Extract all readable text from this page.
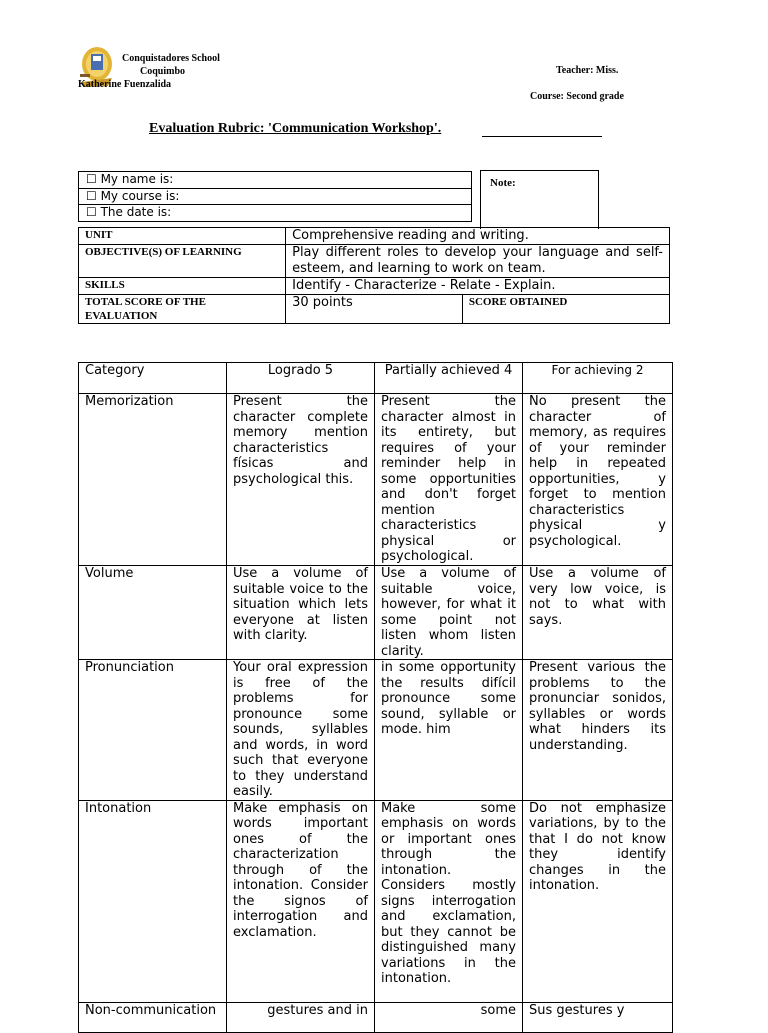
Conquistadores School
Coquimbo
Katherine Fuenzalida
Teacher: Miss.
Course: Second grade
Evaluation Rubric: 'Communication Workshop'.
☐ My name is:
☐ My course is:
☐ The date is:
Note:
UNIT	Comprehensive reading and writing.	
OBJECTIVE(S) OF LEARNING	Play different roles to develop your language and self-esteem, and learning to work on team.	
SKILLS	Identify - Characterize - Relate - Explain.	
TOTAL SCORE OF THE EVALUATION	30 points	SCORE OBTAINED
Category	Logrado 5	Partially achieved 4	For achieving 2
Memorization	Present the character complete memory mention characteristics físicas and psychological this.	Present the character almost in its entirety, but requires of your reminder help in some opportunities and don't forget mention characteristics physical or psychological.	No present the character of memory, as requires of your reminder help in repeated opportunities, y forget to mention characteristics physical y psychological.
Volume	Use a volume of suitable voice to the situation which lets everyone at listen with clarity.	Use a volume of suitable voice, however, for what it some point not listen whom listen clarity.	Use a volume of very low voice, is not to what with says.
Pronunciation	Your oral expression is free of the problems for pronounce some sounds, syllables and words, in word such that everyone to they understand easily.	in some opportunity the results difícil pronounce some sound, syllable or mode. him	Present various the problems to the pronunciar sonidos, syllables or words what hinders its understanding.
Intonation	Make emphasis on words important ones of the characterization through of the intonation. Consider the signos of interrogation and exclamation.	Make some emphasis on words or important ones through the intonation. Considers mostly signs interrogation and exclamation, but they cannot be distinguished many variations in the intonation.	Do not emphasize variations, by to the that I do not know they identify changes in the intonation.
Non-communication	gestures and in	some	Sus gestures y
